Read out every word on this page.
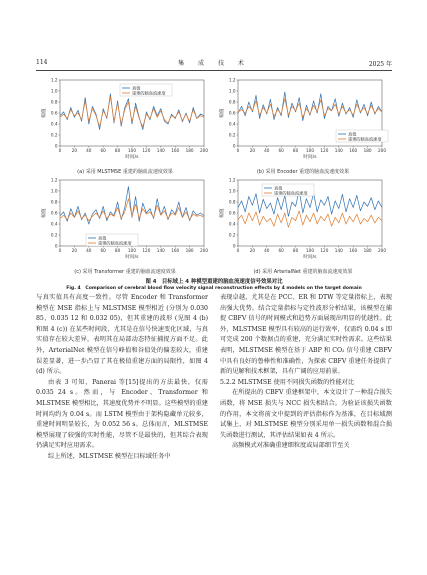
114	集 成 技 术	2025 年
0
0.2
0.4
0.6
0.8
1.0
1.2
0 20 40 60 80 100 120 140 160 180 200
幅值
时间/s
真值
重建的脑血流速度
(a) 采用 MLSTMSE 重建的脑血流速度效果
0
0.2
0.4
0.6
0.8
1.0
1.2
0 20 40 60 80 100 120 140 160 180 200
幅值
时间/s
真值
重建的脑血流速度
(b) 采用 Encoder 重建的脑血流速度效果
0
0.2
0.4
0.6
0.8
1.0
1.2
0 20 40 60 80 100 120 140 160 180 200
幅值
时间/s
真值
重建的脑血流速度
(c) 采用 Transformer 重建的脑血流速度效果
0
0.2
0.4
0.6
0.8
1.0
1.2
0 20 40 60 80 100 120 140 160 180 200
幅值
时间/s
真值
重建的脑血流速度
(d) 采用 ArterialNet 重建的脑血流速度效果
图 4　目标域上 4 种模型重建的脑血流速度信号效果对比
Fig. 4　Comparison of cerebral blood flow velocity signal reconstruction effects by 4 models on the target domain

与真实值具有高度一致性。尽管 Encoder 和 Transformer 模型在 MSE 指标上与 MLSTMSE 模型相近 (分别为 0.030 85、0.035 12 和 0.032 05)，但其重建的波形 (见图 4 (b) 和图 4 (c)) 在某些时间段，尤其是在信号快速变化区域，与真实值存在较大差异，表明其在局部动态特征捕捉方面不足。此外，ArterialNet 模型在信号峰值和谷值处的偏差较大，重建误差显著，进一步凸显了其在极值重建方面的局限性，如图 4 (d) 所示。

由表 3 可知，Panerai 等[15]提出的方法最快，仅需 0.035 24 s。然而，与 Encoder、Transformer 和 MLSTMSE 模型相比，其速度优势并不明显。这些模型的重建时间均约为 0.04 s。而 LSTM 模型由于架构隐藏单元较多，重建时间明显较长，为 0.052 56 s。总体而言，MLSTMSE 模型展现了较强的实时性能，尽管不是最快的，但其综合表现仍满足实时应用需求。

综上所述，MLSTMSE 模型在目标域任务中

表现卓越，尤其是在 PCC、ER 和 DTW 等定量指标上，表现出强大优势。结合定量指标与定性波形分析结果，该模型在捕捉 CBFV 信号的时间模式和趋势方面展现出明显的优越性。此外，MLSTMSE 模型具有较高的运行效率，仅需约 0.04 s 即可完成 200 个数据点的重建，充分满足实时性需求。这些结果表明，MLSTMSE 模型在基于 ABP 和 CO₂ 信号重建 CBFV 中具有良好的鲁棒性和准确性，为探索 CBFV 重建任务提供了新的见解和技术框架，具有广阔的应用前景。

5.2.2 MLSTMSE 使用不同损失函数的性能对比

在所提出的 CBFV 重建框架中，本文设计了一种混合损失函数，将 MSE 损失与 NCC 损失相结合。为验证该损失函数的作用，本文将前文中提到的评估指标作为基准，在目标域测试集上，对 MLSTMSE 模型分别采用单一损失函数和混合损失函数进行测试，其评估结果如表 4 所示。

高频模式对准确重建细粒度或局部细节至关
